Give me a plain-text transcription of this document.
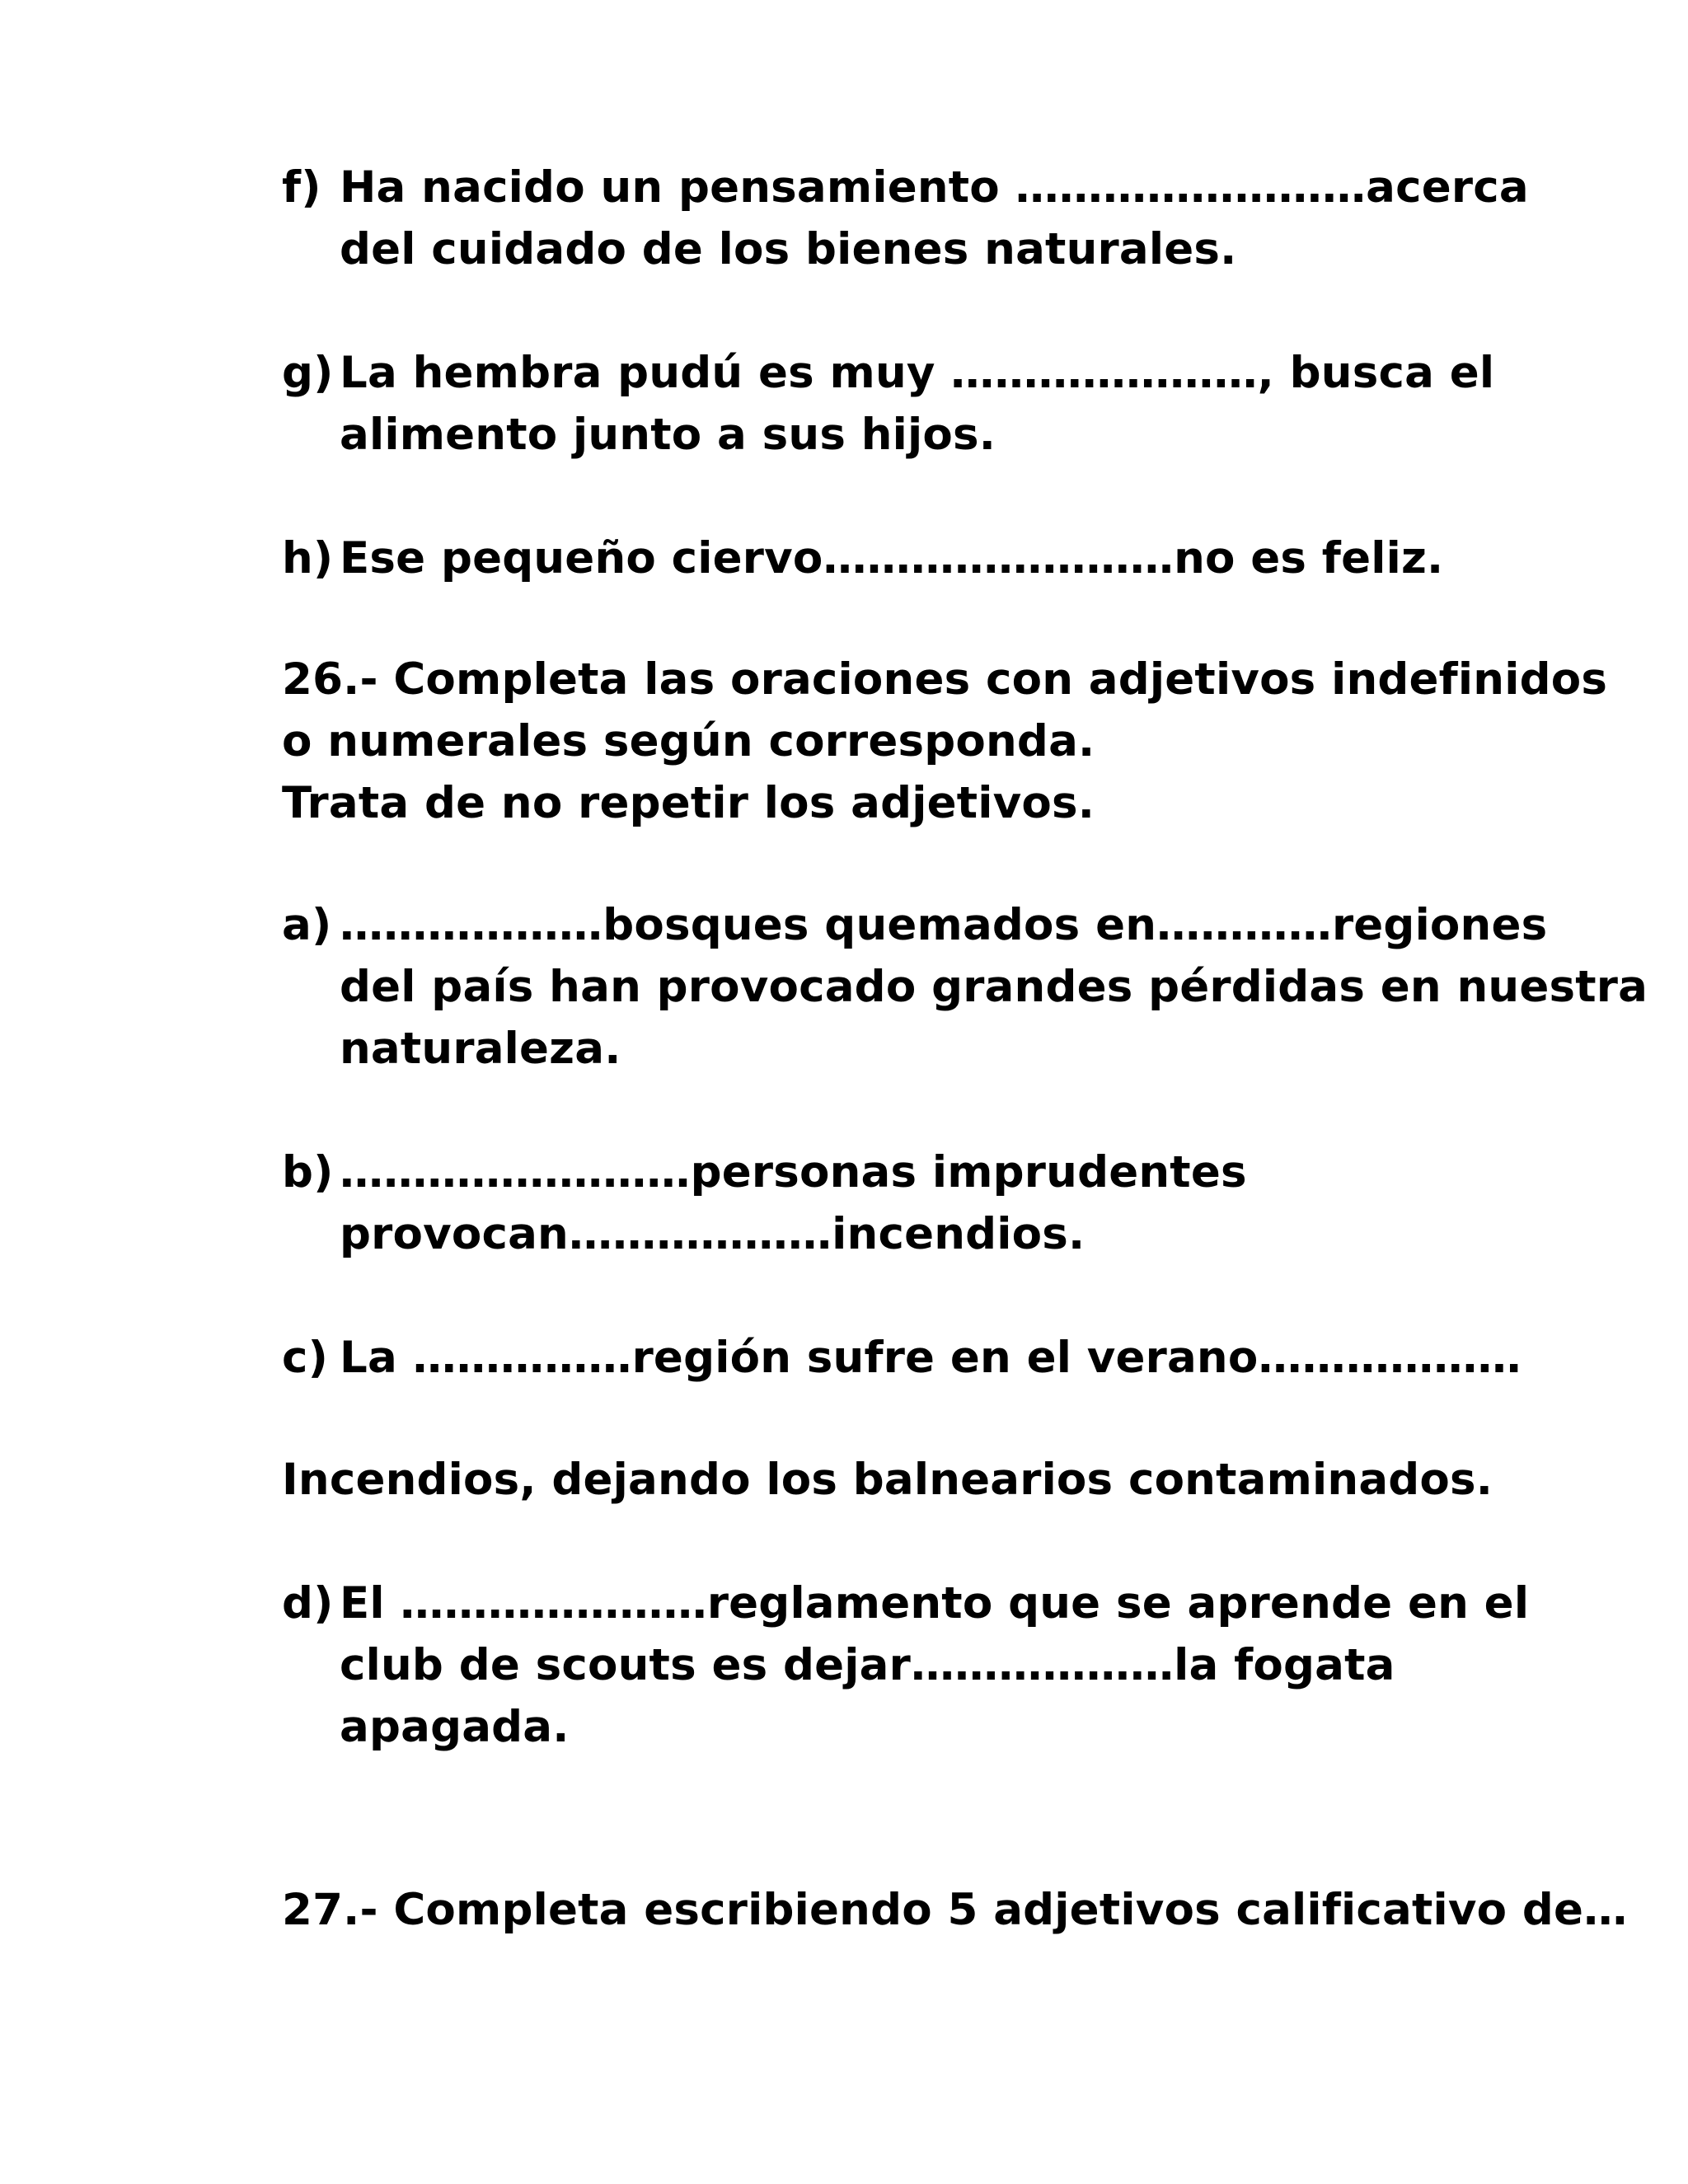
f) Ha nacido un pensamiento ……………………acerca
del cuidado de los bienes naturales.
g) La hembra pudú es muy …………………, busca el
alimento junto a sus hijos.
h) Ese pequeño ciervo……………………no es feliz.
26.- Completa las oraciones con adjetivos indefinidos
o numerales según corresponda.
Trata de no repetir los adjetivos.
a) ………………bosques quemados en…………regiones
del país han provocado grandes pérdidas en nuestra
naturaleza.
b) ……………………personas imprudentes
provocan………………incendios.
c) La ……………región sufre en el verano………………
Incendios, dejando los balnearios contaminados.
d) El …………………reglamento que se aprende en el
club de scouts es dejar………………la fogata
apagada.
27.- Completa escribiendo 5 adjetivos calificativo de…
